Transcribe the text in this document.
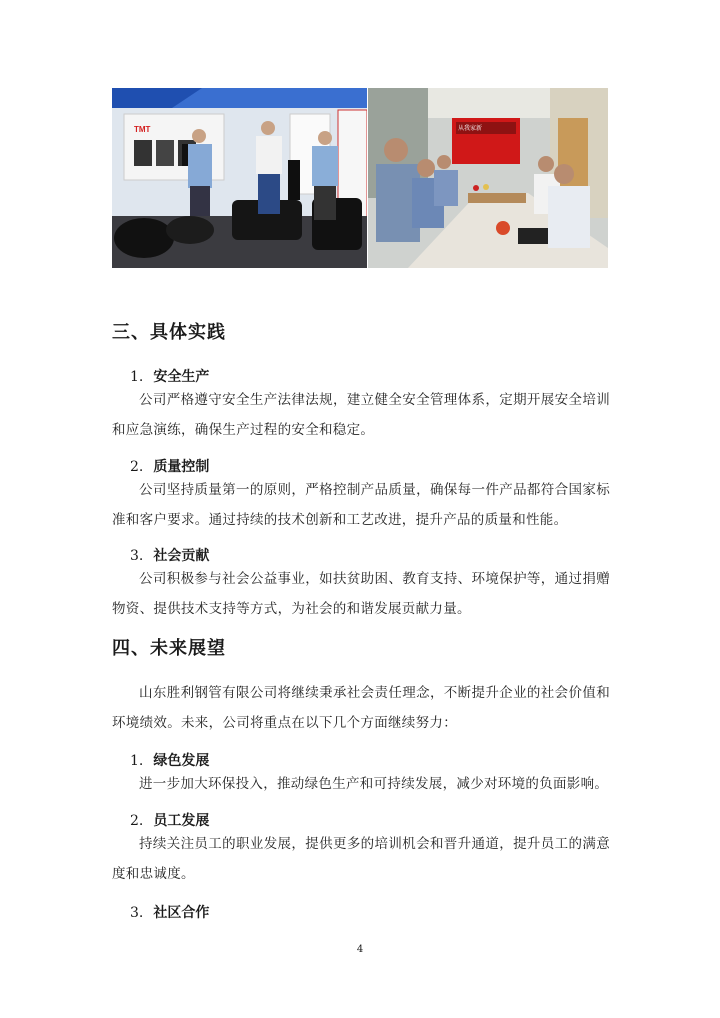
TMT	从我家新
三、具体实践
1. 安全生产

公司严格遵守安全生产法律法规，建立健全安全管理体系，定期开展安全培训和应急演练，确保生产过程的安全和稳定。

2. 质量控制

公司坚持质量第一的原则，严格控制产品质量，确保每一件产品都符合国家标准和客户要求。通过持续的技术创新和工艺改进，提升产品的质量和性能。

3. 社会贡献

公司积极参与社会公益事业，如扶贫助困、教育支持、环境保护等，通过捐赠物资、提供技术支持等方式，为社会的和谐发展贡献力量。

四、未来展望

山东胜利钢管有限公司将继续秉承社会责任理念，不断提升企业的社会价值和环境绩效。未来，公司将重点在以下几个方面继续努力：

1. 绿色发展

进一步加大环保投入，推动绿色生产和可持续发展，减少对环境的负面影响。

2. 员工发展

持续关注员工的职业发展，提供更多的培训机会和晋升通道，提升员工的满意度和忠诚度。

3. 社区合作
4
